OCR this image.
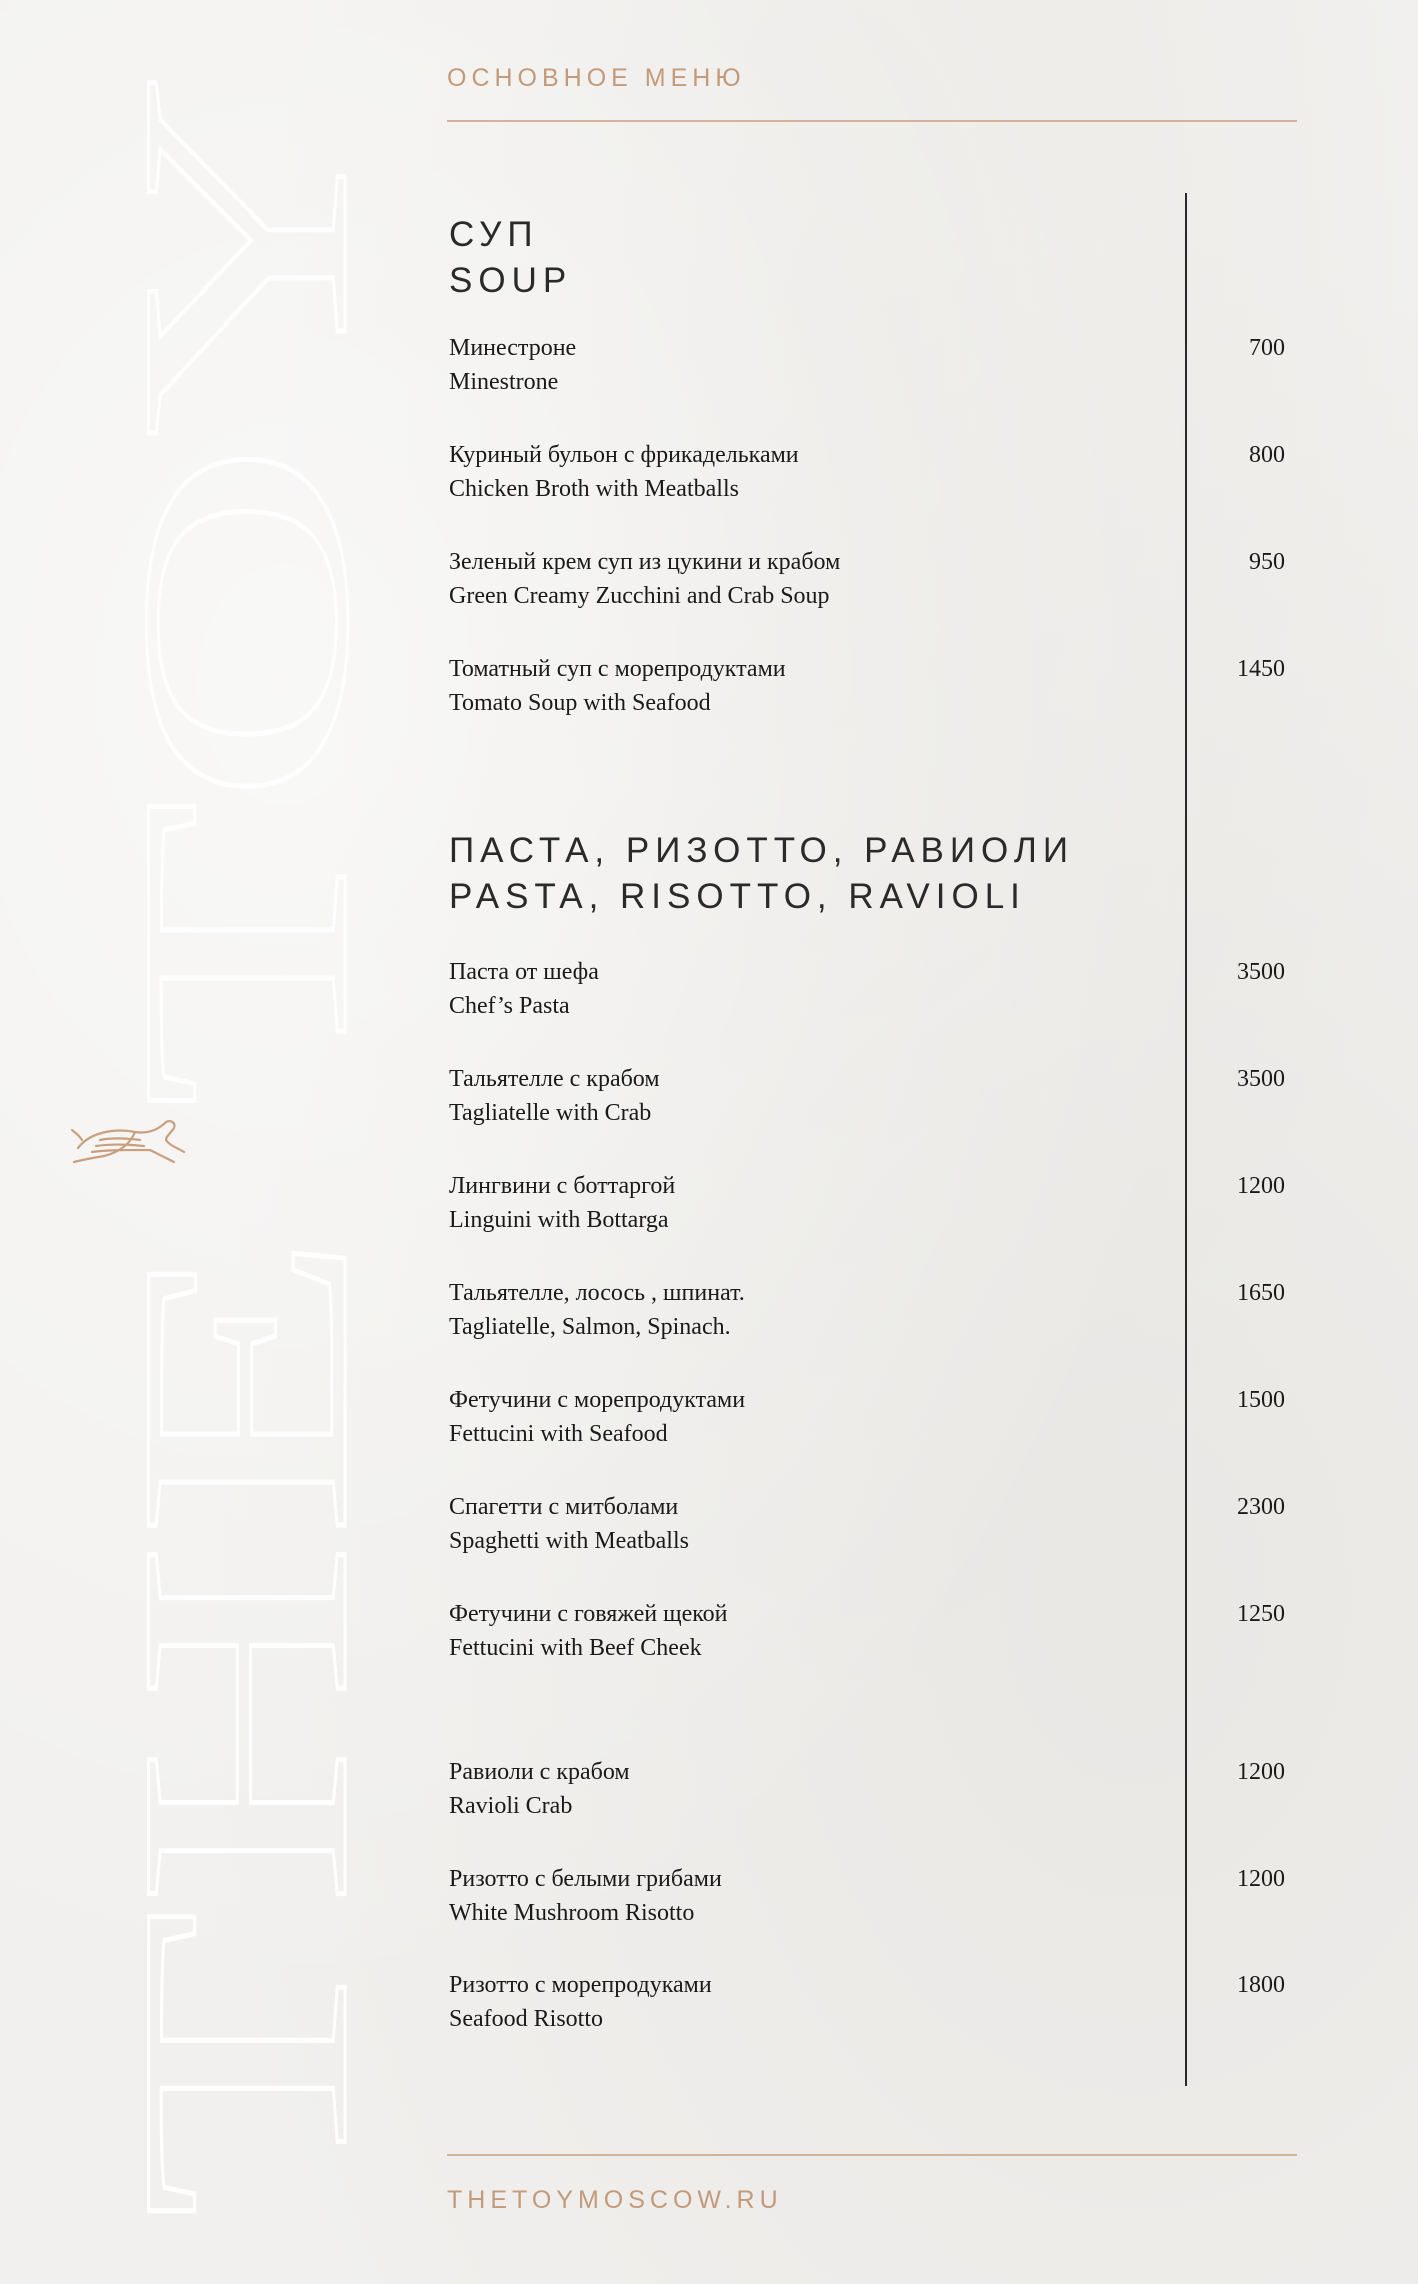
THE TOY
ОСНОВНОЕ МЕНЮ
СУП
SOUP
Минестроне
Minestrone
700
Куриный бульон с фрикадельками
Chicken Broth with Meatballs
800
Зеленый крем суп из цукини и крабом
Green Creamy Zucchini and Crab Soup
950
Томатный суп с морепродуктами
Tomato Soup with Seafood
1450
ПАСТА, РИЗОТТО, РАВИОЛИ
PASTA, RISOTTO, RAVIOLI
Паста от шефа
Chef’s Pasta
3500
Тальятелле с крабом
Tagliatelle with Crab
3500
Лингвини с боттаргой
Linguini with Bottarga
1200
Тальятелле, лосось , шпинат.
Tagliatelle, Salmon, Spinach.
1650
Фетучини с морепродуктами
Fettucini with Seafood
1500
Спагетти с митболами
Spaghetti with Meatballs
2300
Фетучини с говяжей щекой
Fettucini with Beef Cheek
1250
Равиоли с крабом
Ravioli Crab
1200
Ризотто с белыми грибами
White Mushroom Risotto
1200
Ризотто с морепродуками
Seafood Risotto
1800
THETOYMOSCOW.RU
